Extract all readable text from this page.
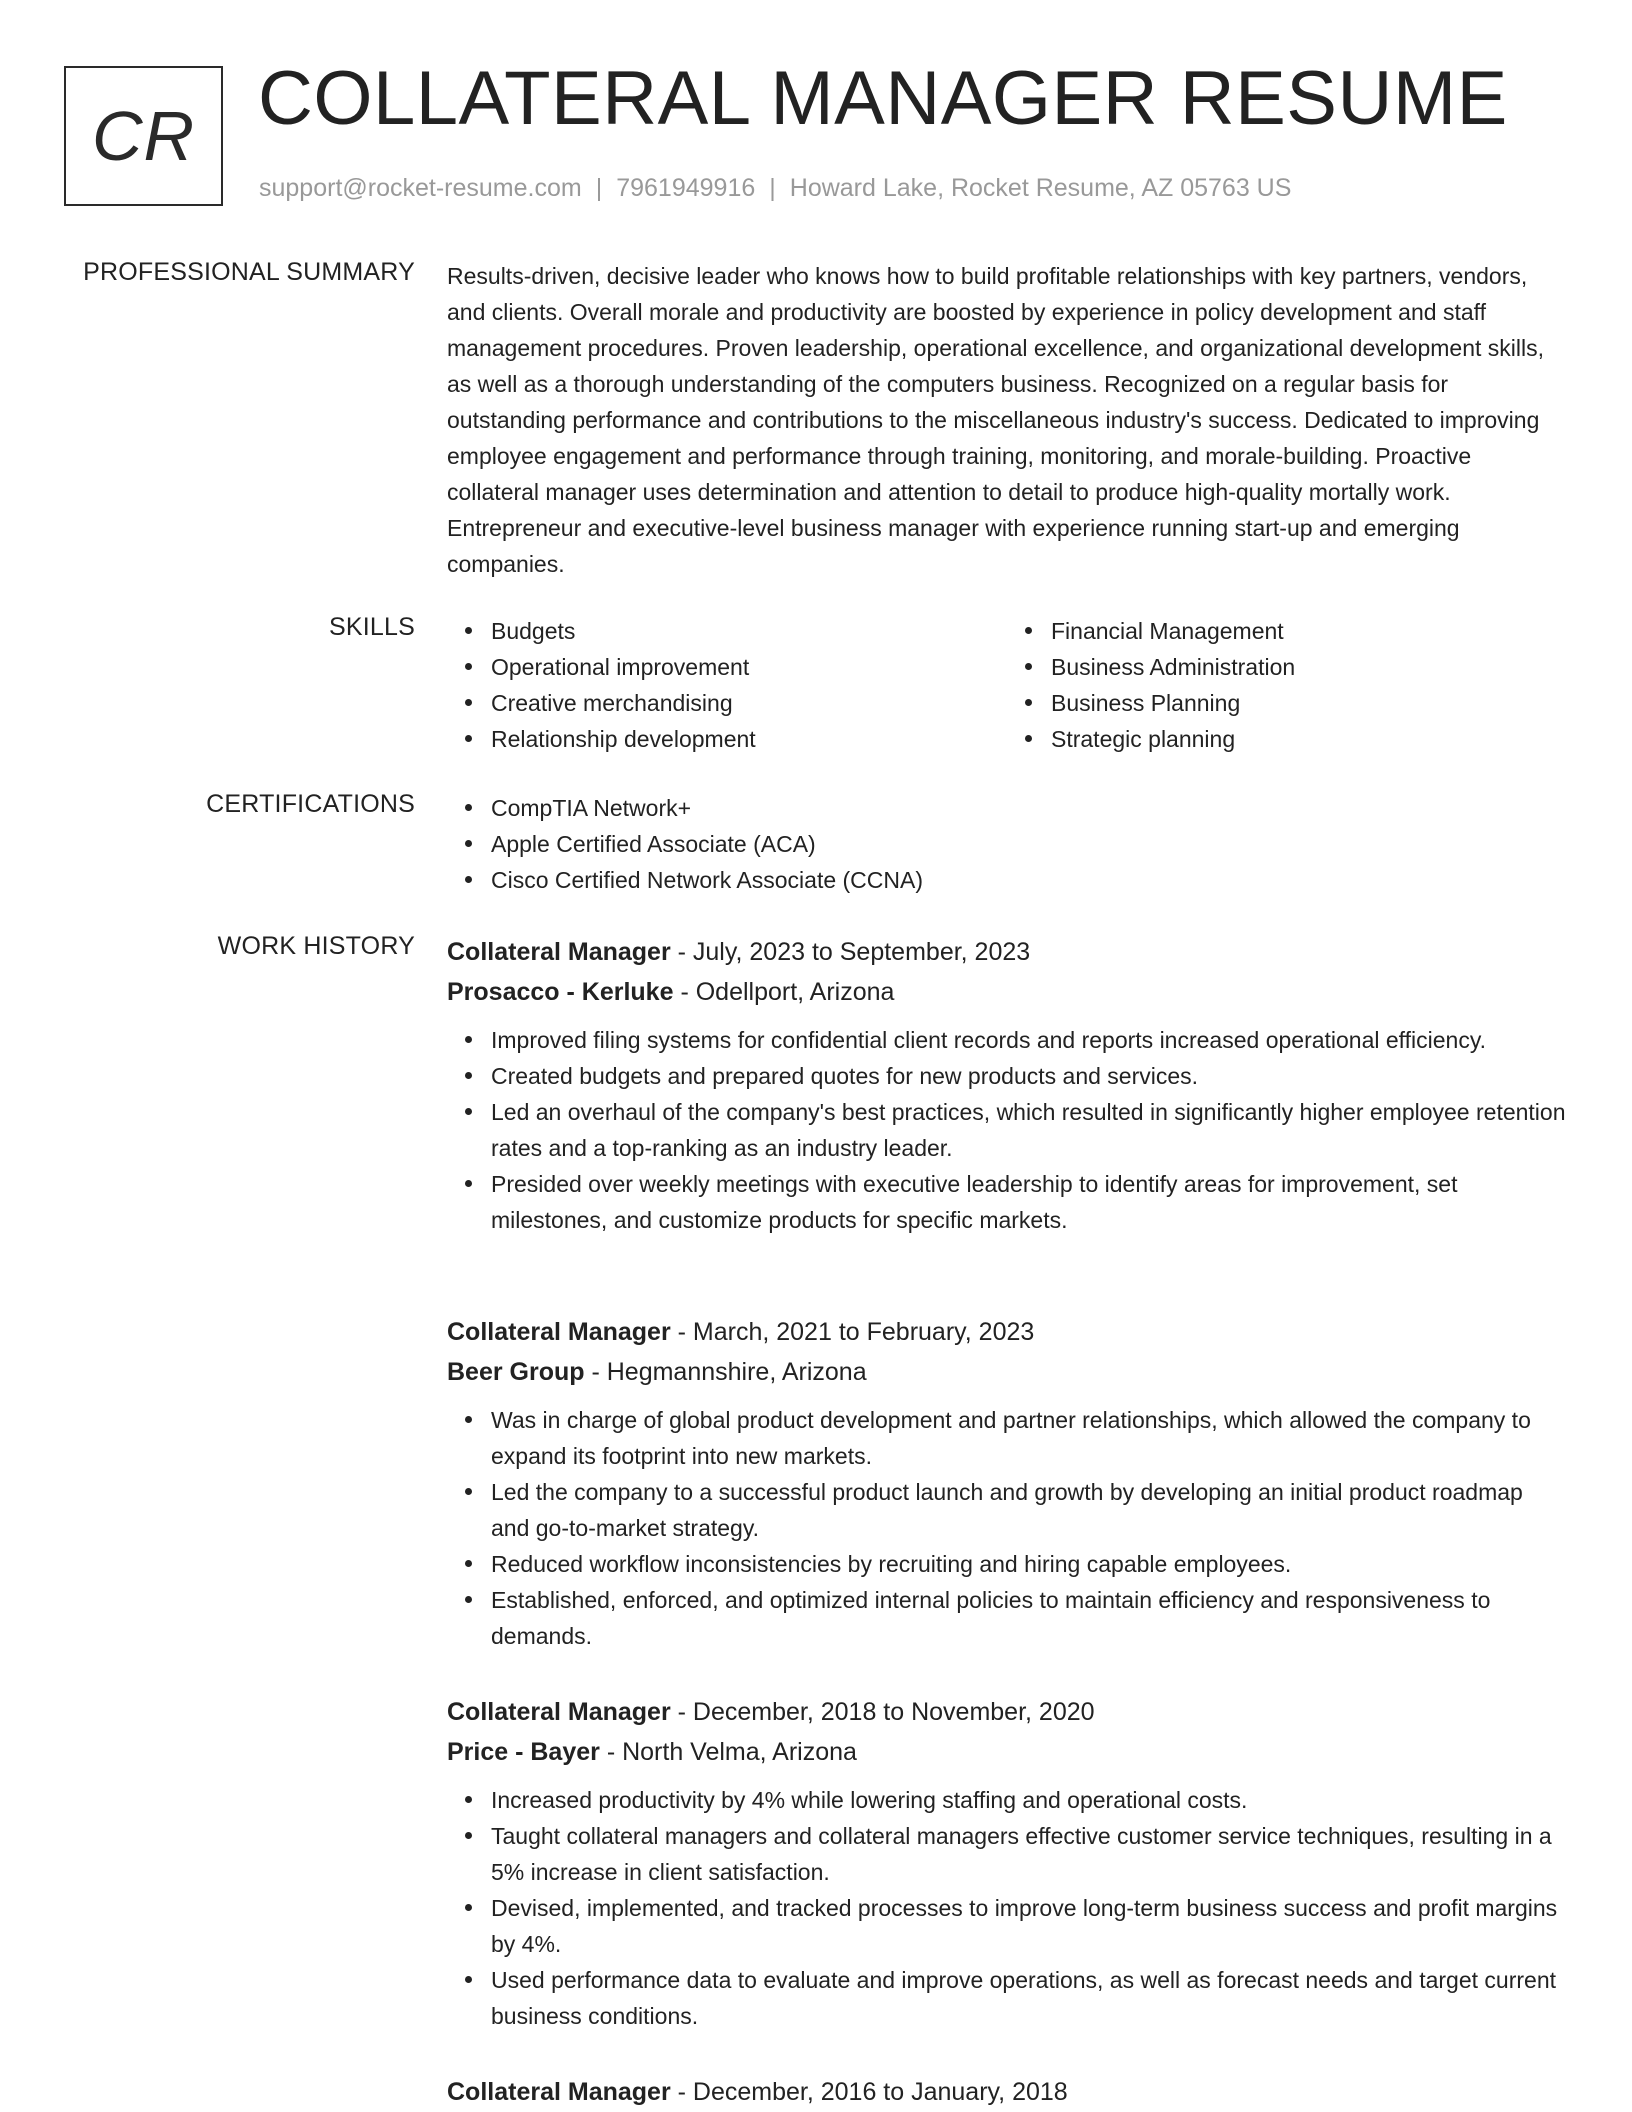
CR COLLATERAL MANAGER RESUME
support@rocket-resume.com | 7961949916 | Howard Lake, Rocket Resume, AZ 05763 US
PROFESSIONAL SUMMARY Results-driven, decisive leader who knows how to build profitable relationships with key partners, vendors, and clients. Overall morale and productivity are boosted by experience in policy development and staff management procedures. Proven leadership, operational excellence, and organizational development skills, as well as a thorough understanding of the computers business. Recognized on a regular basis for outstanding performance and contributions to the miscellaneous industry's success. Dedicated to improving employee engagement and performance through training, monitoring, and morale-building. Proactive collateral manager uses determination and attention to detail to produce high-quality mortally work. Entrepreneur and executive-level business manager with experience running start-up and emerging companies.

SKILLS	Budgets
Operational improvement
Creative merchandising
Relationship development
Financial Management
Business Administration
Business Planning
Strategic planning
CERTIFICATIONS	CompTIA Network+
Apple Certified Associate (ACA)
Cisco Certified Network Associate (CCNA)
WORK HISTORY Collateral Manager - July, 2023 to September, 2023
Prosacco - Kerluke - Odellport, Arizona
Improved filing systems for confidential client records and reports increased operational efficiency.
Created budgets and prepared quotes for new products and services.
Led an overhaul of the company's best practices, which resulted in significantly higher employee retention rates and a top-ranking as an industry leader.
Presided over weekly meetings with executive leadership to identify areas for improvement, set milestones, and customize products for specific markets.
Collateral Manager - March, 2021 to February, 2023
Beer Group - Hegmannshire, Arizona
Was in charge of global product development and partner relationships, which allowed the company to expand its footprint into new markets.
Led the company to a successful product launch and growth by developing an initial product roadmap and go-to-market strategy.
Reduced workflow inconsistencies by recruiting and hiring capable employees.
Established, enforced, and optimized internal policies to maintain efficiency and responsiveness to demands.
Collateral Manager - December, 2018 to November, 2020
Price - Bayer - North Velma, Arizona
Increased productivity by 4% while lowering staffing and operational costs.
Taught collateral managers and collateral managers effective customer service techniques, resulting in a 5% increase in client satisfaction.
Devised, implemented, and tracked processes to improve long-term business success and profit margins by 4%.
Used performance data to evaluate and improve operations, as well as forecast needs and target current business conditions.
Collateral Manager - December, 2016 to January, 2018
